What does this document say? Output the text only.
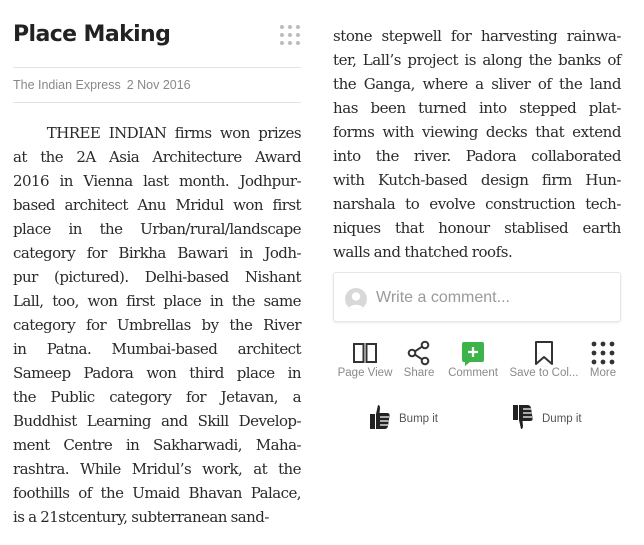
Place Making
The Indian Express 2 Nov 2016
THREE INDIAN firms won prizes
at the 2A Asia Architecture Award
2016 in Vienna last month. Jodhpur-
based architect Anu Mridul won first
place in the Urban/rural/landscape
category for Birkha Bawari in Jodh-
pur (pictured). Delhi-based Nishant
Lall, too, won first place in the same
category for Umbrellas by the River
in Patna. Mumbai-based architect
Sameep Padora won third place in
the Public category for Jetavan, a
Buddhist Learning and Skill Develop-
ment Centre in Sakharwadi, Maha-
rashtra. While Mridul’s work, at the
foothills of the Umaid Bhavan Palace,
is a 21stcentury, subterranean sand-
stone stepwell for harvesting rainwa-
ter, Lall’s project is along the banks of
the Ganga, where a sliver of the land
has been turned into stepped plat-
forms with viewing decks that extend
into the river. Padora collaborated
with Kutch-based design firm Hun-
narshala to evolve construction tech-
niques that honour stablised earth
walls and thatched roofs.
Write a comment...
Page View Share	Comment	Save to Col... More
Bump it	Dump it
